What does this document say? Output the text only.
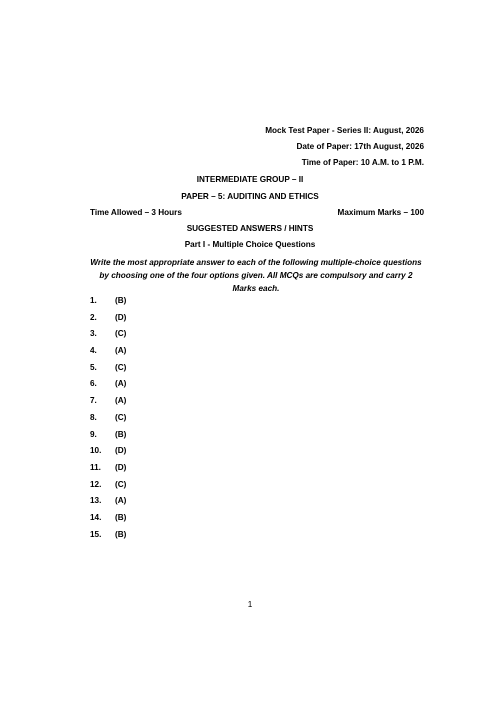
Mock Test Paper - Series II: August, 2026
Date of Paper: 17th August, 2026
Time of Paper: 10 A.M. to 1 P.M.
INTERMEDIATE GROUP – II
PAPER – 5: AUDITING AND ETHICS
Time Allowed – 3 Hours	Maximum Marks – 100
SUGGESTED ANSWERS / HINTS
Part I - Multiple Choice Questions
Write the most appropriate answer to each of the following multiple-choice questions by choosing one of the four options given. All MCQs are compulsory and carry 2 Marks each.
1.	(B)
2.	(D)
3.	(C)
4.	(A)
5.	(C)
6.	(A)
7.	(A)
8.	(C)
9.	(B)
10.	(D)
11.	(D)
12.	(C)
13.	(A)
14.	(B)
15.	(B)
1
